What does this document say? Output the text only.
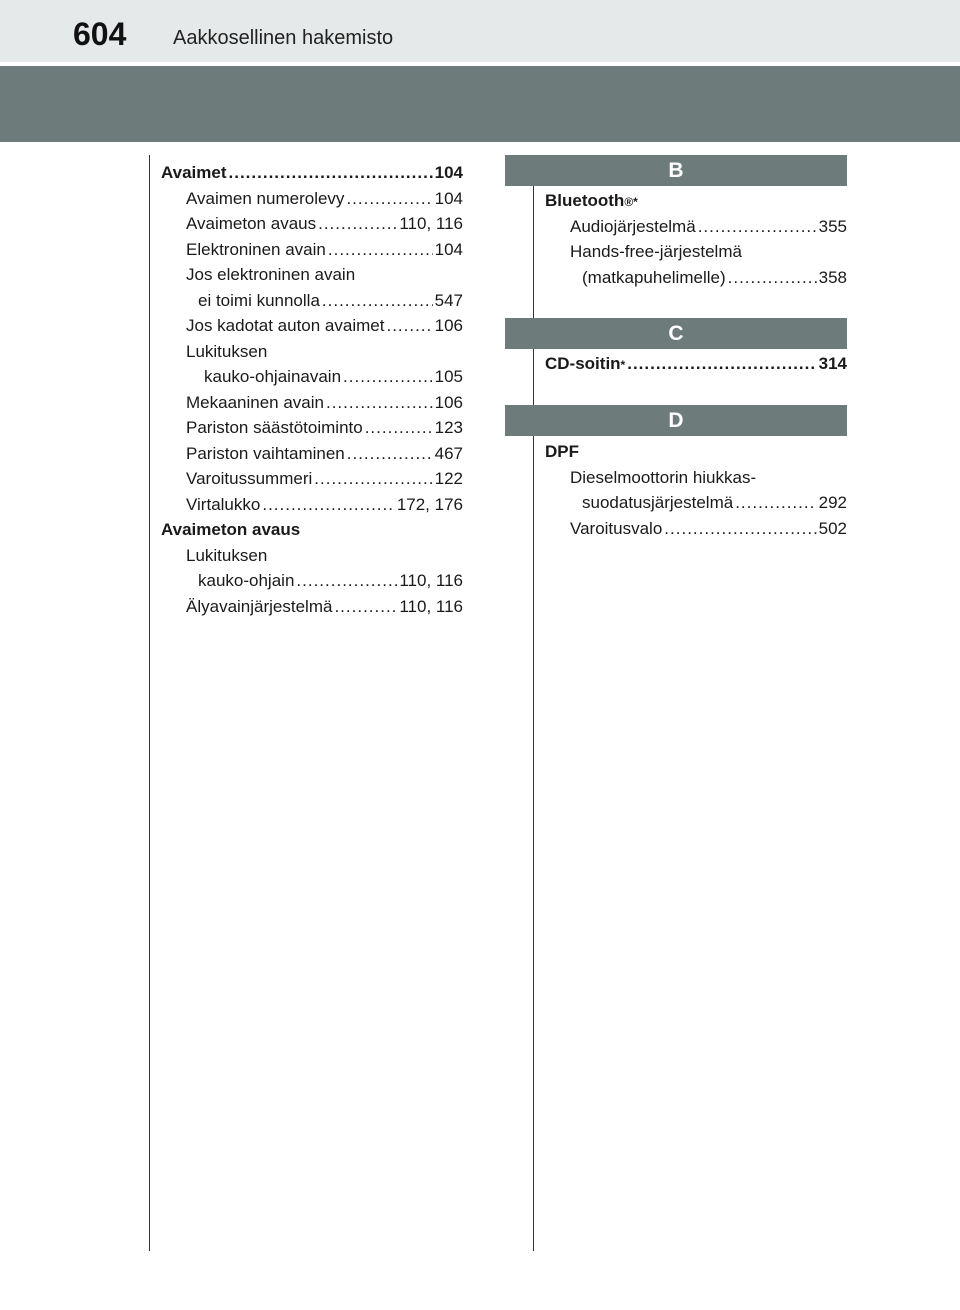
604 Aakkosellinen hakemisto
Avaimet .....	104
Avaimen numerolevy .....	104
Avaimeton avaus .....	110, 116
Elektroninen avain .....	104
Jos elektroninen avain
ei toimi kunnolla .....	547
Jos kadotat auton avaimet .....	106
Lukituksen
kauko-ohjainavain .....	105
Mekaaninen avain .....	106
Pariston säästötoiminto .....	123
Pariston vaihtaminen .....	467
Varoitussummeri .....	122
Virtalukko .....	172, 176
Avaimeton avaus
Lukituksen
kauko-ohjain .....	110, 116
Älyavainjärjestelmä .....	110, 116
B
Bluetooth ®*
Audiojärjestelmä .....	355
Hands-free-järjestelmä
(matkapuhelimelle) .....	358
C
CD-soitin * .....	314
D
DPF
Dieselmoottorin hiukkas-
suodatusjärjestelmä .....	292
Varoitusvalo .....	502
